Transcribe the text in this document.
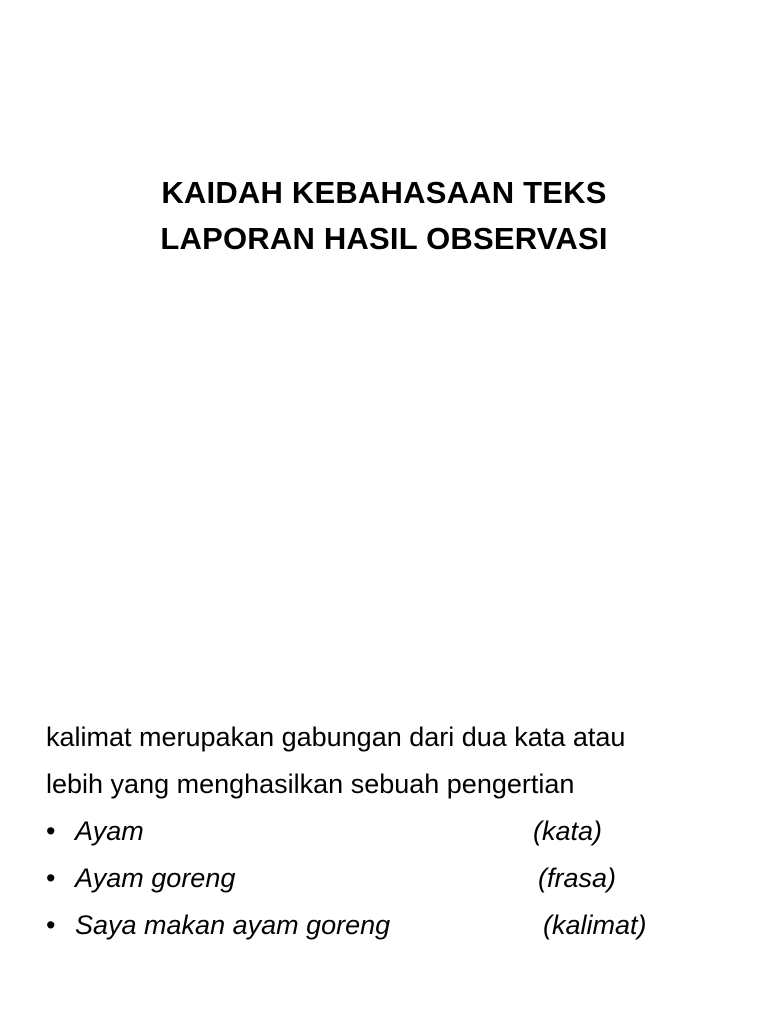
KAIDAH KEBAHASAAN TEKS
LAPORAN HASIL OBSERVASI
kalimat merupakan gabungan dari dua kata atau
lebih yang menghasilkan sebuah pengertian
• Ayam	(kata)
• Ayam goreng	(frasa)
• Saya makan ayam goreng	(kalimat)
